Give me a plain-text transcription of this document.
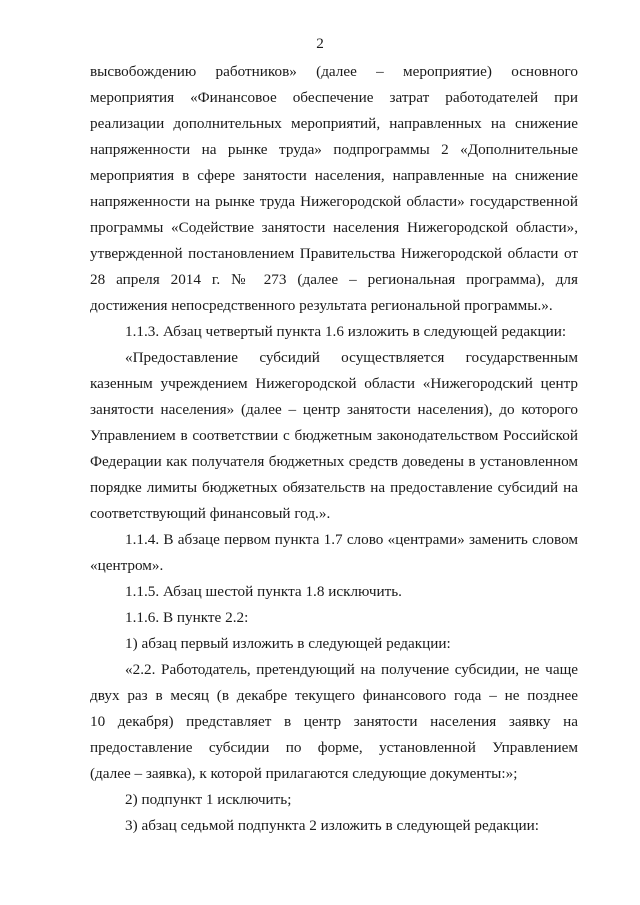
2
высвобождению работников» (далее – мероприятие) основного
мероприятия «Финансовое обеспечение затрат работодателей при
реализации дополнительных мероприятий, направленных на снижение
напряженности на рынке труда» подпрограммы 2 «Дополнительные
мероприятия в сфере занятости населения, направленные на снижение
напряженности на рынке труда Нижегородской области» государственной
программы «Содействие занятости населения Нижегородской области»,
утвержденной постановлением Правительства Нижегородской области от
28 апреля 2014 г. № 273 (далее – региональная программа), для
достижения непосредственного результата региональной программы.».
1.1.3. Абзац четвертый пункта 1.6 изложить в следующей редакции:
«Предоставление субсидий осуществляется государственным
казенным учреждением Нижегородской области «Нижегородский центр
занятости населения» (далее – центр занятости населения), до которого
Управлением в соответствии с бюджетным законодательством Российской
Федерации как получателя бюджетных средств доведены в установленном
порядке лимиты бюджетных обязательств на предоставление субсидий на
соответствующий финансовый год.».
1.1.4. В абзаце первом пункта 1.7 слово «центрами» заменить словом
«центром».
1.1.5. Абзац шестой пункта 1.8 исключить.
1.1.6. В пункте 2.2:
1) абзац первый изложить в следующей редакции:
«2.2. Работодатель, претендующий на получение субсидии, не чаще
двух раз в месяц (в декабре текущего финансового года – не позднее
10 декабря) представляет в центр занятости населения заявку на
предоставление субсидии по форме, установленной Управлением
(далее – заявка), к которой прилагаются следующие документы:»;
2) подпункт 1 исключить;
3) абзац седьмой подпункта 2 изложить в следующей редакции:
